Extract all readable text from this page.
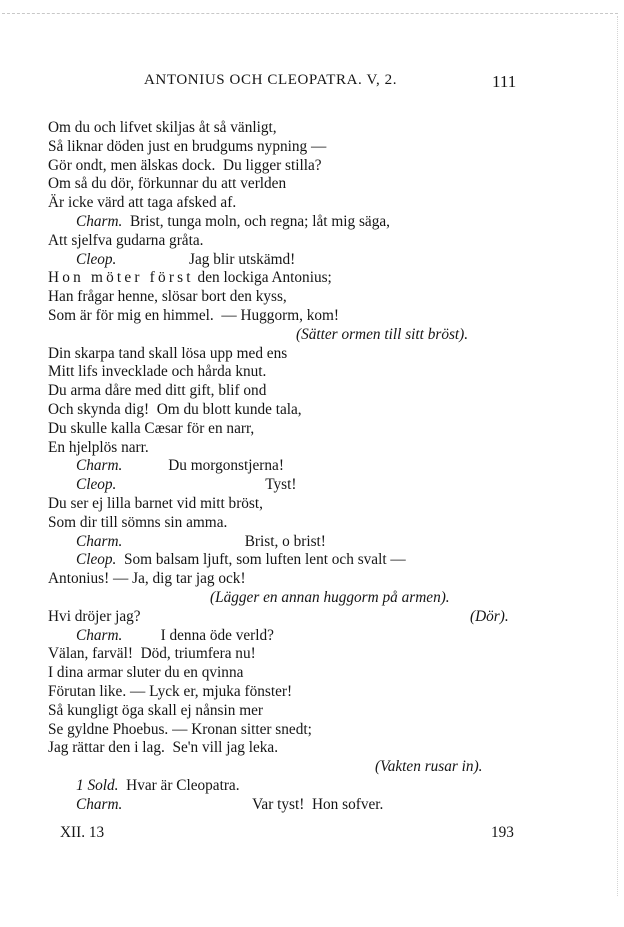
ANTONIUS OCH CLEOPATRA. V, 2.	111
Om du och lifvet skiljas åt så vänligt,
Så liknar döden just en brudgums nypning —
Gör ondt, men älskas dock.  Du ligger stilla?
Om så du dör, förkunnar du att verlden
Är icke värd att taga afsked af.
Charm.  Brist, tunga moln, och regna; låt mig säga,
Att sjelfva gudarna gråta.
Cleop.                   Jag blir utskämd!
Hon möter först den lockiga Antonius;
Han frågar henne, slösar bort den kyss,
Som är för mig en himmel.  — Huggorm, kom!
(Sätter ormen till sitt bröst).
Din skarpa tand skall lösa upp med ens
Mitt lifs invecklade och hårda knut.
Du arma dåre med ditt gift, blif ond
Och skynda dig!  Om du blott kunde tala,
Du skulle kalla Cæsar för en narr,
En hjelplös narr.
Charm.            Du morgonstjerna!
Cleop.                                       Tyst!
Du ser ej lilla barnet vid mitt bröst,
Som dir till sömns sin amma.
Charm.                                Brist, o brist!
Cleop.  Som balsam ljuft, som luften lent och svalt —
Antonius! — Ja, dig tar jag ock!
(Lägger en annan huggorm på armen).
Hvi dröjer jag?	(Dör).
Charm.          I denna öde verld?
Välan, farväl!  Död, triumfera nu!
I dina armar sluter du en qvinna
Förutan like. — Lyck er, mjuka fönster!
Så kungligt öga skall ej nånsin mer
Se gyldne Phoebus. — Kronan sitter snedt;
Jag rättar den i lag.  Se'n vill jag leka.
(Vakten rusar in).
1 Sold.  Hvar är Cleopatra.
Charm.                                  Var tyst!  Hon sofver.
XII. 13	193
